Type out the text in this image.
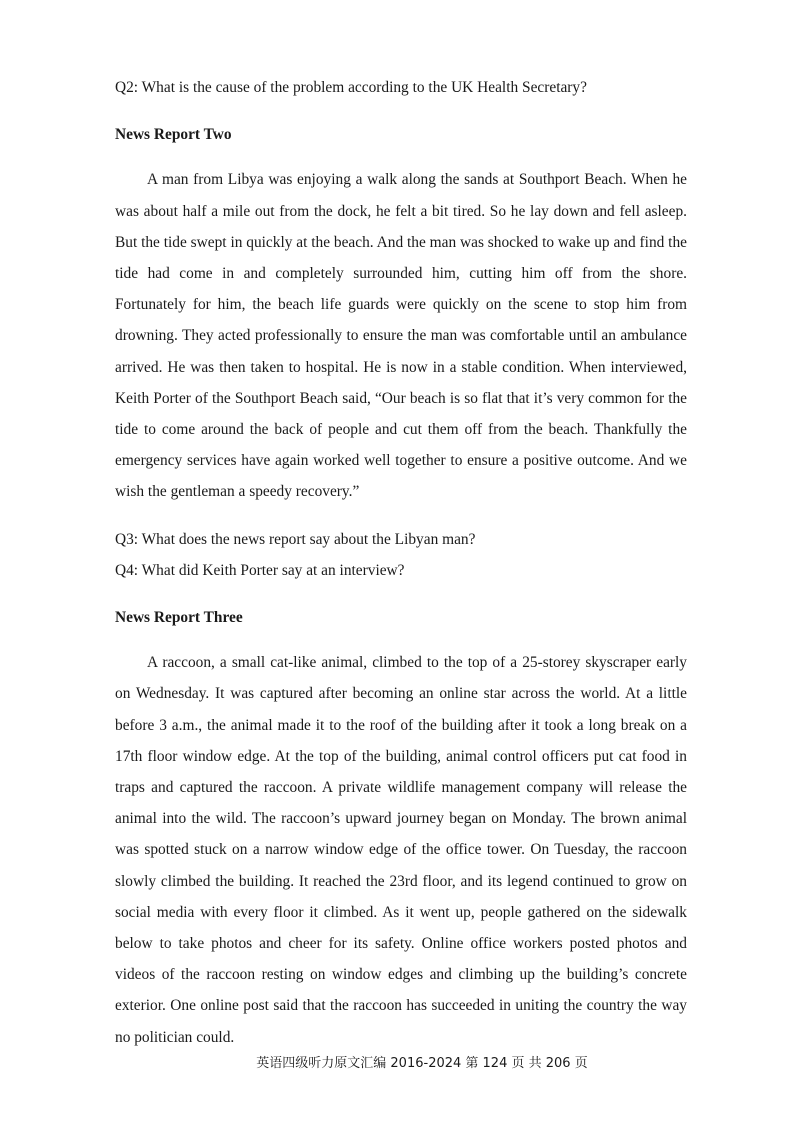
Q2: What is the cause of the problem according to the UK Health Secretary?

News Report Two

A man from Libya was enjoying a walk along the sands at Southport Beach. When he was about half a mile out from the dock, he felt a bit tired. So he lay down and fell asleep. But the tide swept in quickly at the beach. And the man was shocked to wake up and find the tide had come in and completely surrounded him, cutting him off from the shore. Fortunately for him, the beach life guards were quickly on the scene to stop him from drowning. They acted professionally to ensure the man was comfortable until an ambulance arrived. He was then taken to hospital. He is now in a stable condition. When interviewed, Keith Porter of the Southport Beach said, “Our beach is so flat that it’s very common for the tide to come around the back of people and cut them off from the beach. Thankfully the emergency services have again worked well together to ensure a positive outcome. And we wish the gentleman a speedy recovery.”

Q3: What does the news report say about the Libyan man?

Q4: What did Keith Porter say at an interview?

News Report Three

A raccoon, a small cat-like animal, climbed to the top of a 25-storey skyscraper early on Wednesday. It was captured after becoming an online star across the world. At a little before 3 a.m., the animal made it to the roof of the building after it took a long break on a 17th floor window edge. At the top of the building, animal control officers put cat food in traps and captured the raccoon. A private wildlife management company will release the animal into the wild. The raccoon’s upward journey began on Monday. The brown animal was spotted stuck on a narrow window edge of the office tower. On Tuesday, the raccoon slowly climbed the building. It reached the 23rd floor, and its legend continued to grow on social media with every floor it climbed. As it went up, people gathered on the sidewalk below to take photos and cheer for its safety. Online office workers posted photos and videos of the raccoon resting on window edges and climbing up the building’s concrete exterior. One online post said that the raccoon has succeeded in uniting the country the way no politician could.

英语四级听力原文汇编 2016-2024 第 124 页 共 206 页
